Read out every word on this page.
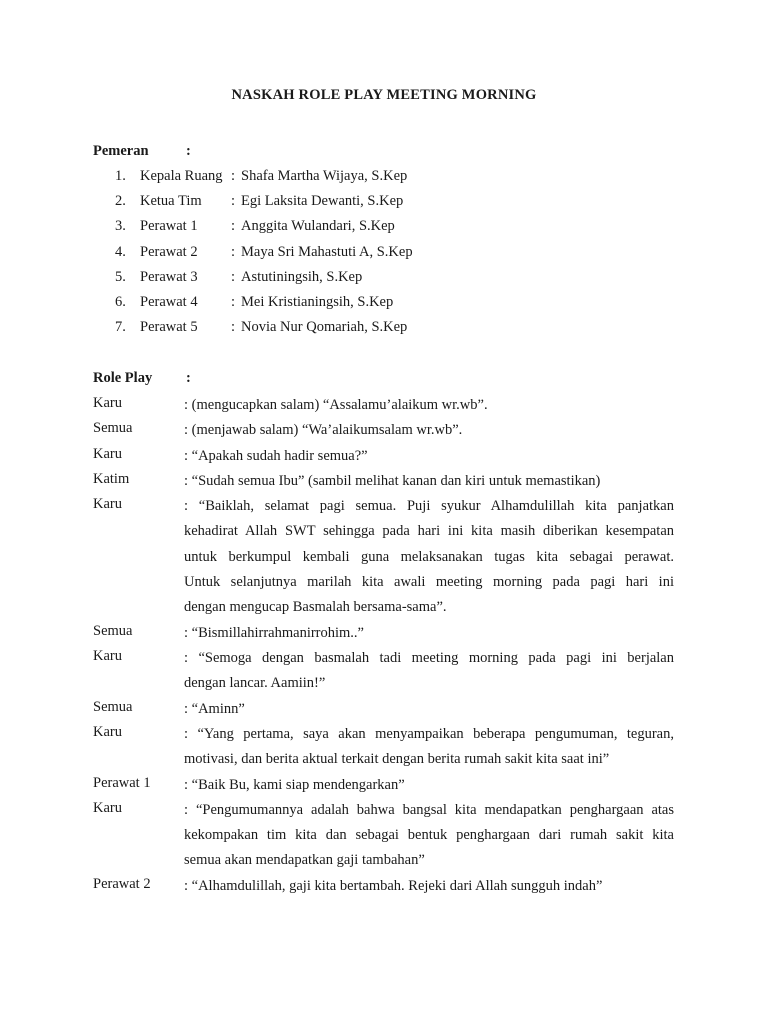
NASKAH ROLE PLAY MEETING MORNING
Pemeran	:
1. Kepala Ruang : Shafa Martha Wijaya, S.Kep
2. Ketua Tim : Egi Laksita Dewanti, S.Kep
3. Perawat 1 : Anggita Wulandari, S.Kep
4. Perawat 2 : Maya Sri Mahastuti A, S.Kep
5. Perawat 3 : Astutiningsih, S.Kep
6. Perawat 4 : Mei Kristianingsih, S.Kep
7. Perawat 5 : Novia Nur Qomariah, S.Kep
Role Play :
Karu	: (mengucapkan salam) “Assalamu’alaikum wr.wb”.
Semua	: (menjawab salam) “Wa’alaikumsalam wr.wb”.
Karu	: “Apakah sudah hadir semua?”
Katim	: “Sudah semua Ibu” (sambil melihat kanan dan kiri untuk memastikan)
Karu	: “Baiklah, selamat pagi semua. Puji syukur Alhamdulillah kita panjatkan
kehadirat Allah SWT sehingga pada hari ini kita masih diberikan kesempatan
untuk berkumpul kembali guna melaksanakan tugas kita sebagai perawat.
Untuk selanjutnya marilah kita awali meeting morning pada pagi hari ini
dengan mengucap Basmalah bersama-sama”.
Semua	: “Bismillahirrahmanirrohim..”
Karu	: “Semoga dengan basmalah tadi meeting morning pada pagi ini berjalan
dengan lancar. Aamiin!”
Semua	: “Aminn”
Karu	: “Yang pertama, saya akan menyampaikan beberapa pengumuman, teguran,
motivasi, dan berita aktual terkait dengan berita rumah sakit kita saat ini”
Perawat 1 : “Baik Bu, kami siap mendengarkan”
Karu	: “Pengumumannya adalah bahwa bangsal kita mendapatkan penghargaan atas
kekompakan tim kita dan sebagai bentuk penghargaan dari rumah sakit kita
semua akan mendapatkan gaji tambahan”
Perawat 2 : “Alhamdulillah, gaji kita bertambah. Rejeki dari Allah sungguh indah”
